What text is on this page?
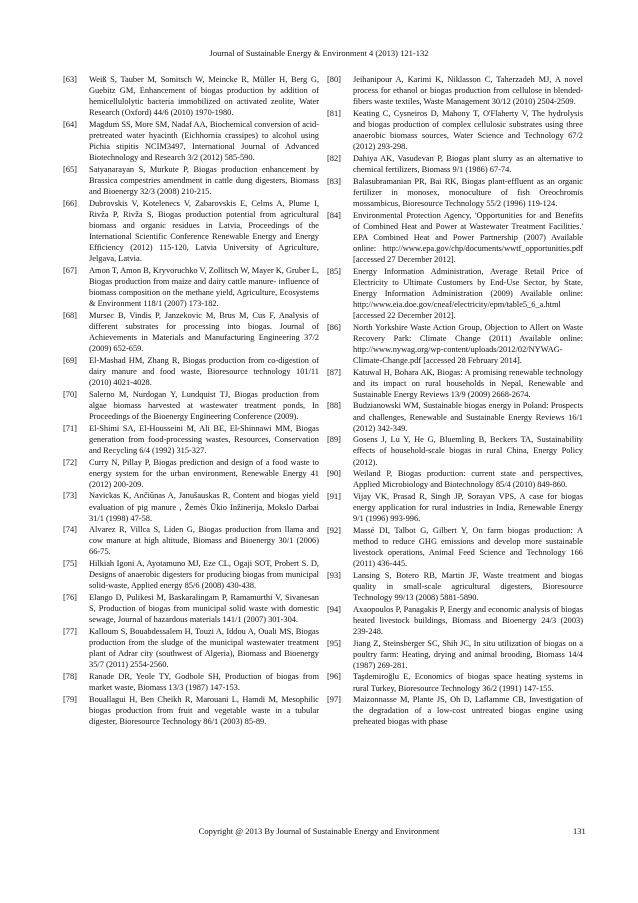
Journal of Sustainable Energy & Environment 4 (2013) 121-132
[63] Weiß S, Tauber M, Somitsch W, Meincke R, Müller H, Berg G, Guebitz GM, Enhancement of biogas production by addition of hemicellulolytic bacteria immobilized on activated zeolite, Water Research (Oxford) 44/6 (2010) 1970-1980.
[64] Magdum SS, More SM, Nadaf AA, Biochemical conversion of acid-pretreated water hyacinth (Eichhornia crassipes) to alcohol using Pichia stipitis NCIM3497, International Journal of Advanced Biotechnology and Research 3/2 (2012) 585-590.
[65] Satyanarayan S, Murkute P, Biogas production enhancement by Brassica compestries amendment in cattle dung digesters, Biomass and Bioenergy 32/3 (2008) 210-215.
[66] Dubrovskis V, Kotelenecs V, Zabarovskis E, Celms A, Plume I, Rivža P, Rivža S, Biogas production potential from agricultural biomass and organic residues in Latvia, Proceedings of the International Scientific Conference Renewable Energy and Energy Efficiency (2012) 115-120, Latvia University of Agriculture, Jelgava, Latvia.
[67] Amon T, Amon B, Kryvoruchko V, Zollitsch W, Mayer K, Gruber L, Biogas production from maize and dairy cattle manure- influence of biomass composition on the methane yield, Agriculture, Ecosystems & Environment 118/1 (2007) 173-182.
[68] Mursec B, Vindis P, Janzekovic M, Brus M, Cus F, Analysis of different substrates for processing into biogas. Journal of Achievements in Materials and Manufacturing Engineering 37/2 (2009) 652-659.
[69] El-Mashad HM, Zhang R, Biogas production from co-digestion of dairy manure and food waste, Bioresource technology 101/11 (2010) 4021-4028.
[70] Salerno M, Nurdogan Y, Lundquist TJ, Biogas production from algae biomass harvested at wastewater treatment ponds, In Proceedings of the Bioenergy Engineering Conference (2009).
[71] El-Shimi SA, El-Housseini M, Ali BE, El-Shinnawi MM, Biogas generation from food-processing wastes, Resources, Conservation and Recycling 6/4 (1992) 315-327.
[72] Curry N, Pillay P, Biogas prediction and design of a food waste to energy system for the urban environment, Renewable Energy 41 (2012) 200-209.
[73] Navickas K, Ančiūnas A, Janušauskas R, Content and biogas yield evaluation of pig manure , Žemės Ūkio Inžinerija, Mokslo Darbai 31/1 (1998) 47-58.
[74] Alvarez R, Villca S, Liden G, Biogas production from llama and cow manure at high altitude, Biomass and Bioenergy 30/1 (2006) 66-75.
[75] Hilkiah Igoni A, Ayotamuno MJ, Eze CL, Ogaji SOT, Probert S. D, Designs of anaerobic digesters for producing biogas from municipal solid-waste, Applied energy 85/6 (2008) 430-438.
[76] Elango D, Pulikesi M, Baskaralingam P, Ramamurthi V, Sivanesan S, Production of biogas from municipal solid waste with domestic sewage, Journal of hazardous materials 141/1 (2007) 301-304.
[77] Kalloum S, Bouabdessalem H, Touzi A, Iddou A, Ouali MS, Biogas production from the sludge of the municipal wastewater treatment plant of Adrar city (southwest of Algeria), Biomass and Bioenergy 35/7 (2011) 2554-2560.
[78] Ranade DR, Yeole TY, Godbole SH, Production of biogas from market waste, Biomass 13/3 (1987) 147-153.
[79] Bouallagui H, Ben Cheikh R, Marouani L, Hamdi M, Mesophilic biogas production from fruit and vegetable waste in a tubular digester, Bioresource Technology 86/1 (2003) 85-89.
[80] Jeihanipour A, Karimi K, Niklasson C, Taherzadeh MJ, A novel process for ethanol or biogas production from cellulose in blended-fibers waste textiles, Waste Management 30/12 (2010) 2504-2509.
[81] Keating C, Cysneiros D, Mahony T, O'Flaherty V, The hydrolysis and biogas production of complex cellulosic substrates using three anaerobic biomass sources, Water Science and Technology 67/2 (2012) 293-298.
[82] Dahiya AK, Vasudevan P, Biogas plant slurry as an alternative to chemical fertilizers, Biomass 9/1 (1986) 67-74.
[83] Balasubramanian PR, Bai RK, Biogas plant-effluent as an organic fertilizer in monosex, monoculture of fish Oreochromis mossambicus, Bioresource Technology 55/2 (1996) 119-124.
[84] Environmental Protection Agency, 'Opportunities for and Benefits of Combined Heat and Power at Wastewater Treatment Facilities.' EPA Combined Heat and Power Partnership (2007) Available online: http://www.epa.gov/chp/documents/wwtf_opportunities.pdf [accessed 27 December 2012].
[85] Energy Information Administration, Average Retail Price of Electricity to Ultimate Customers by End-Use Sector, by State, Energy Information Administration (2009) Available online: http://www.eia.doe.gov/cneaf/electricity/epm/table5_6_a.html [accessed 22 December 2012].
[86] North Yorkshire Waste Action Group, Objection to Allert on Waste Recovery Park: Climate Change (2011) Available online: http://www.nywag.org/wp-content/uploads/2012/02/NYWAG-Climate-Change.pdf [accessed 28 February 2014].
[87] Katuwal H, Bohara AK, Biogas: A promising renewable technology and its impact on rural households in Nepal, Renewable and Sustainable Energy Reviews 13/9 (2009) 2668-2674.
[88] Budzianowski WM, Sustainable biogas energy in Poland: Prospects and challenges, Renewable and Sustainable Energy Reviews 16/1 (2012) 342-349.
[89] Gosens J, Lu Y, He G, Bluemling B, Beckers TA, Sustainability effects of household-scale biogas in rural China, Energy Policy (2012).
[90] Weiland P, Biogas production: current state and perspectives, Applied Microbiology and Biotechnology 85/4 (2010) 849-860.
[91] Vijay VK, Prasad R, Singh JP, Sorayan VPS, A case for biogas energy application for rural industries in India, Renewable Energy 9/1 (1996) 993-996.
[92] Massé DI, Talbot G, Gilbert Y, On farm biogas production: A method to reduce GHG emissions and develop more sustainable livestock operations, Animal Feed Science and Technology 166 (2011) 436-445.
[93] Lansing S, Botero RB, Martin JF, Waste treatment and biogas quality in small-scale agricultural digesters, Bioresource Technology 99/13 (2008) 5881-5890.
[94] Axaopoulos P, Panagakis P, Energy and economic analysis of biogas heated livestock buildings, Biomass and Bioenergy 24/3 (2003) 239-248.
[95] Jiang Z, Steinsberger SC, Shih JC, In situ utilization of biogas on a poultry farm: Heating, drying and animal brooding, Biomass 14/4 (1987) 269-281.
[96] Taşdemiroğlu E, Economics of biogas space heating systems in rural Turkey, Bioresource Technology 36/2 (1991) 147-155.
[97] Maizonnasse M, Plante JS, Oh D, Laflamme CB, Investigation of the degradation of a low-cost untreated biogas engine using preheated biogas with phase
Copyright @ 2013 By Journal of Sustainable Energy and Environment	131
